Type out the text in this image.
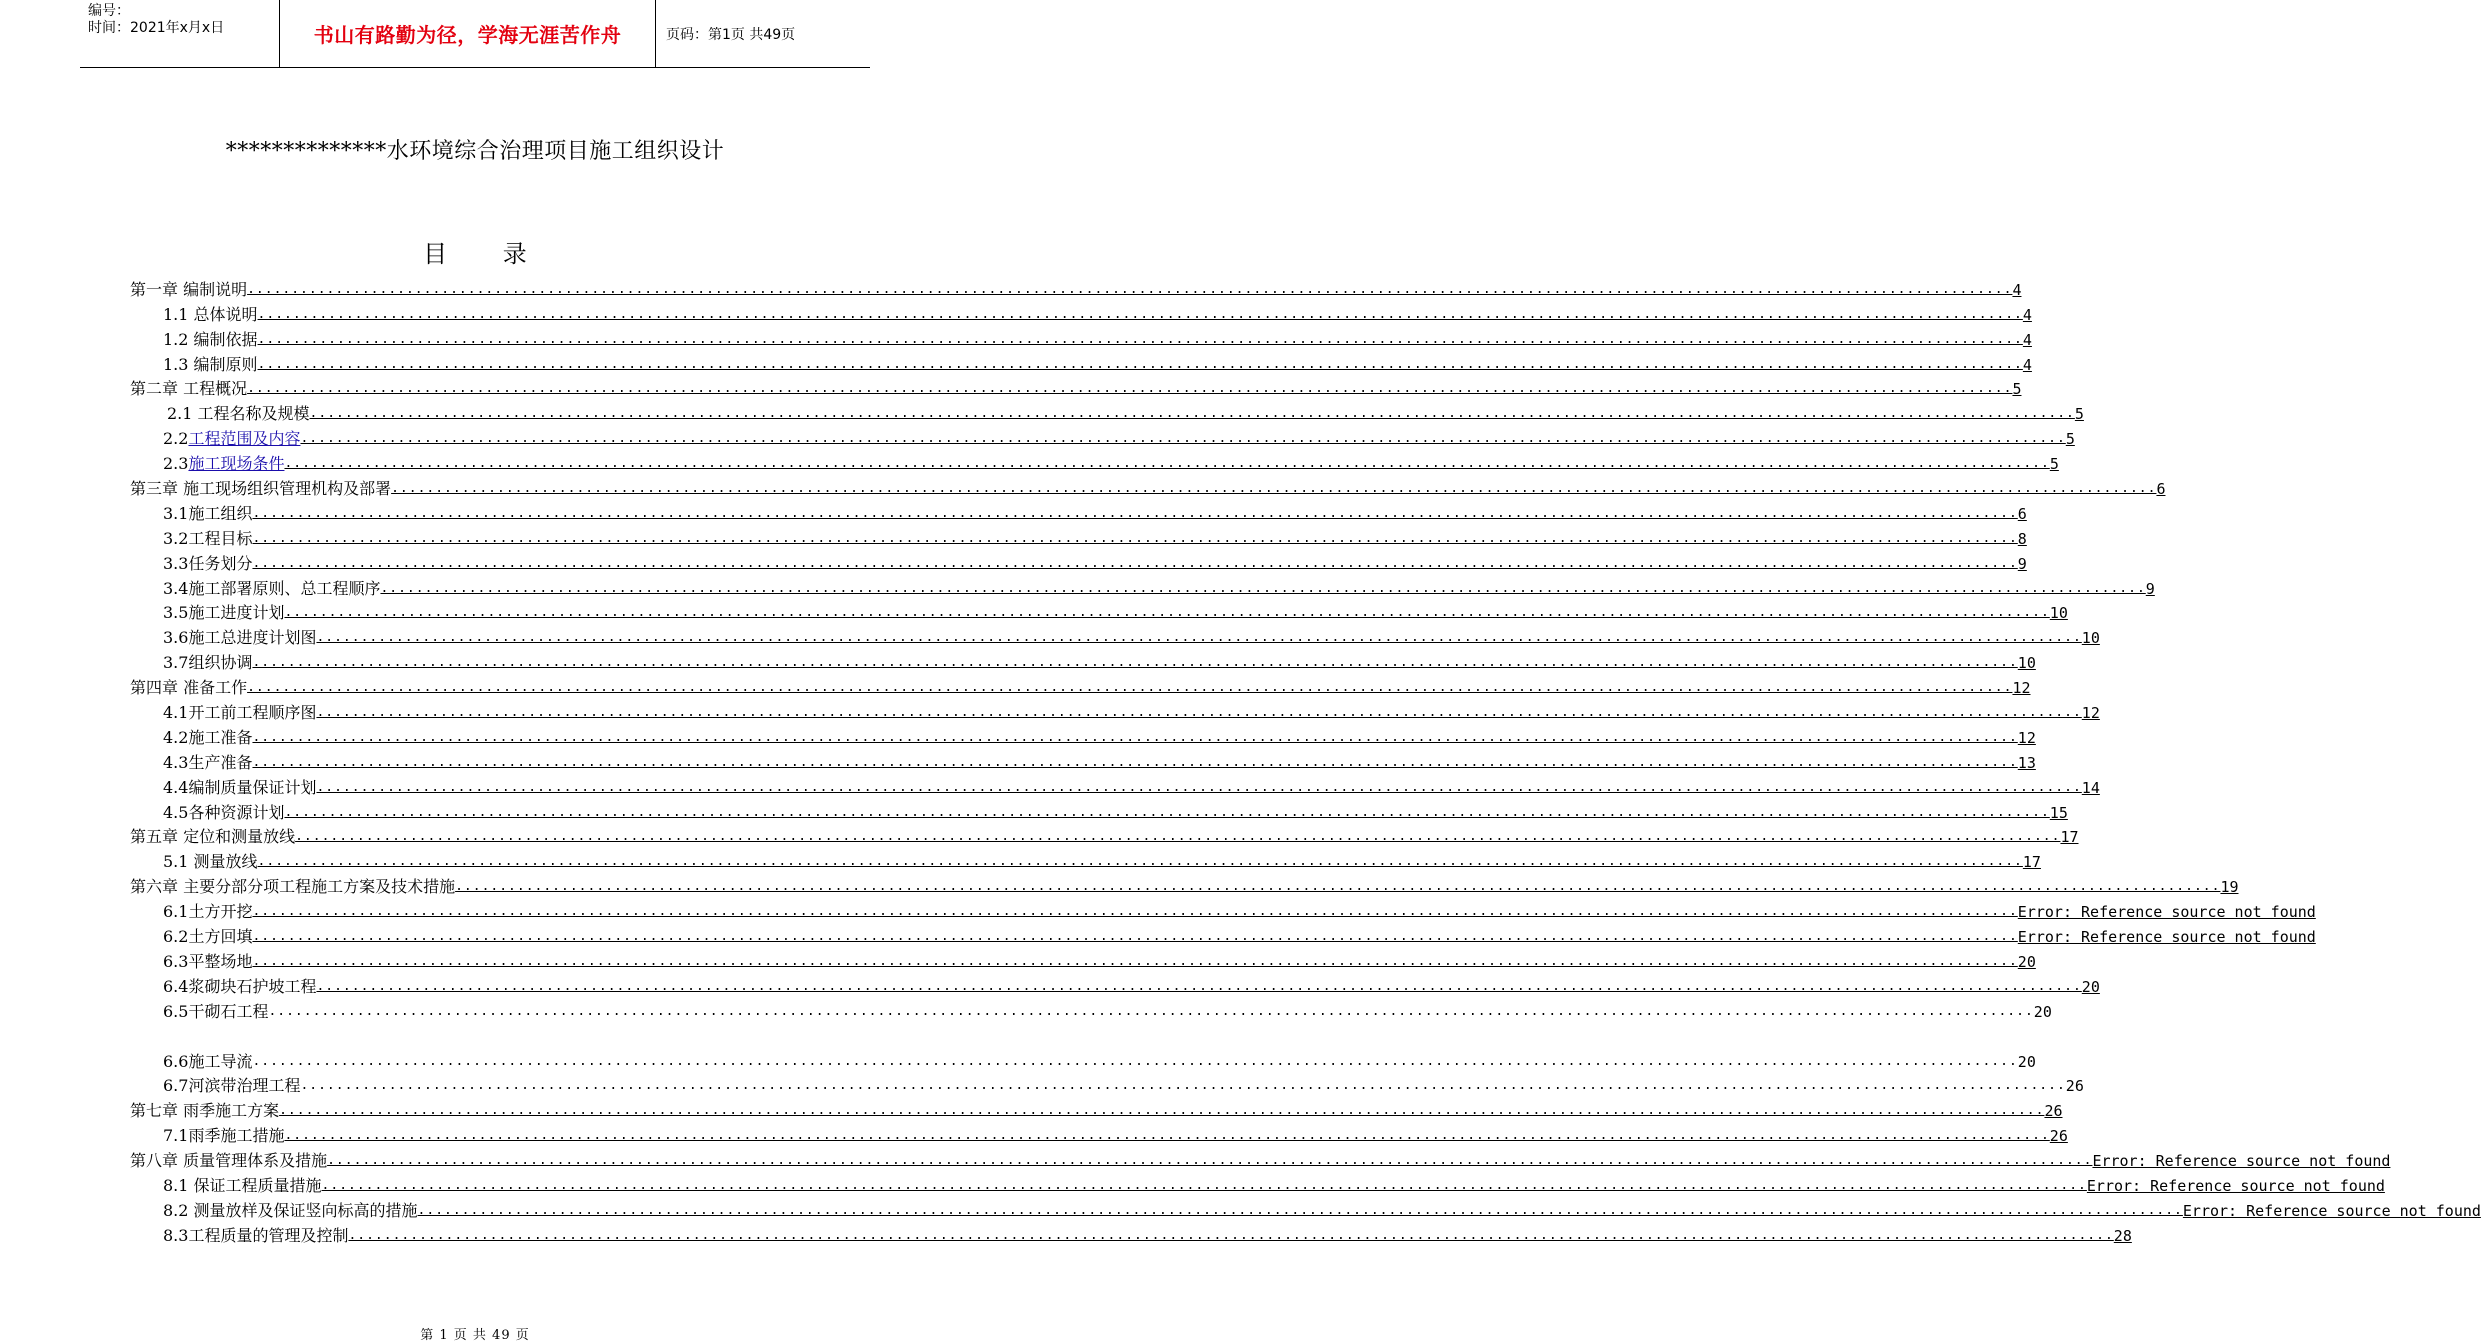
编号：
时间：2021年x月x日	书山有路勤为径，学海无涯苦作舟	页码：第1页 共49页
**************水环境综合治理项目施工组织设计
目 录
第一章 编制说明 ........................................................................................................................................................................................................ 4
1.1 总体说明 ........................................................................................................................................................................................................ 4
1.2 编制依据 ........................................................................................................................................................................................................ 4
1.3 编制原则 ........................................................................................................................................................................................................ 4
第二章 工程概况 ........................................................................................................................................................................................................ 5
2.1 工程名称及规模 ........................................................................................................................................................................................................ 5
2.2工程范围及内容 ........................................................................................................................................................................................................ 5
2.3施工现场条件 ........................................................................................................................................................................................................ 5
第三章 施工现场组织管理机构及部署 ........................................................................................................................................................................................................ 6
3.1施工组织 ........................................................................................................................................................................................................ 6
3.2工程目标 ........................................................................................................................................................................................................ 8
3.3任务划分 ........................................................................................................................................................................................................ 9
3.4施工部署原则、总工程顺序 ........................................................................................................................................................................................................ 9
3.5施工进度计划 ........................................................................................................................................................................................................ 10
3.6施工总进度计划图 ........................................................................................................................................................................................................ 10
3.7组织协调 ........................................................................................................................................................................................................ 10
第四章 准备工作 ........................................................................................................................................................................................................ 12
4.1开工前工程顺序图 ........................................................................................................................................................................................................ 12
4.2施工准备 ........................................................................................................................................................................................................ 12
4.3生产准备 ........................................................................................................................................................................................................ 13
4.4编制质量保证计划 ........................................................................................................................................................................................................ 14
4.5各种资源计划 ........................................................................................................................................................................................................ 15
第五章 定位和测量放线 ........................................................................................................................................................................................................ 17
5.1 测量放线 ........................................................................................................................................................................................................ 17
第六章 主要分部分项工程施工方案及技术措施 ........................................................................................................................................................................................................ 19
6.1土方开挖 ........................................................................................................................................................................................................ Error: Reference source not found
6.2土方回填 ........................................................................................................................................................................................................ Error: Reference source not found
6.3平整场地 ........................................................................................................................................................................................................ 20
6.4浆砌块石护坡工程 ........................................................................................................................................................................................................ 20
6.5干砌石工程 ........................................................................................................................................................................................................ 20
6.6施工导流 ........................................................................................................................................................................................................ 20
6.7河滨带治理工程 ........................................................................................................................................................................................................ 26
第七章 雨季施工方案 ........................................................................................................................................................................................................ 26
7.1雨季施工措施 ........................................................................................................................................................................................................ 26
第八章 质量管理体系及措施 ........................................................................................................................................................................................................ Error: Reference source not found
8.1 保证工程质量措施 ........................................................................................................................................................................................................ Error: Reference source not found
8.2 测量放样及保证竖向标高的措施 ........................................................................................................................................................................................................ Error: Reference source not found
8.3工程质量的管理及控制 ........................................................................................................................................................................................................ 28
第 1 页 共 49 页
